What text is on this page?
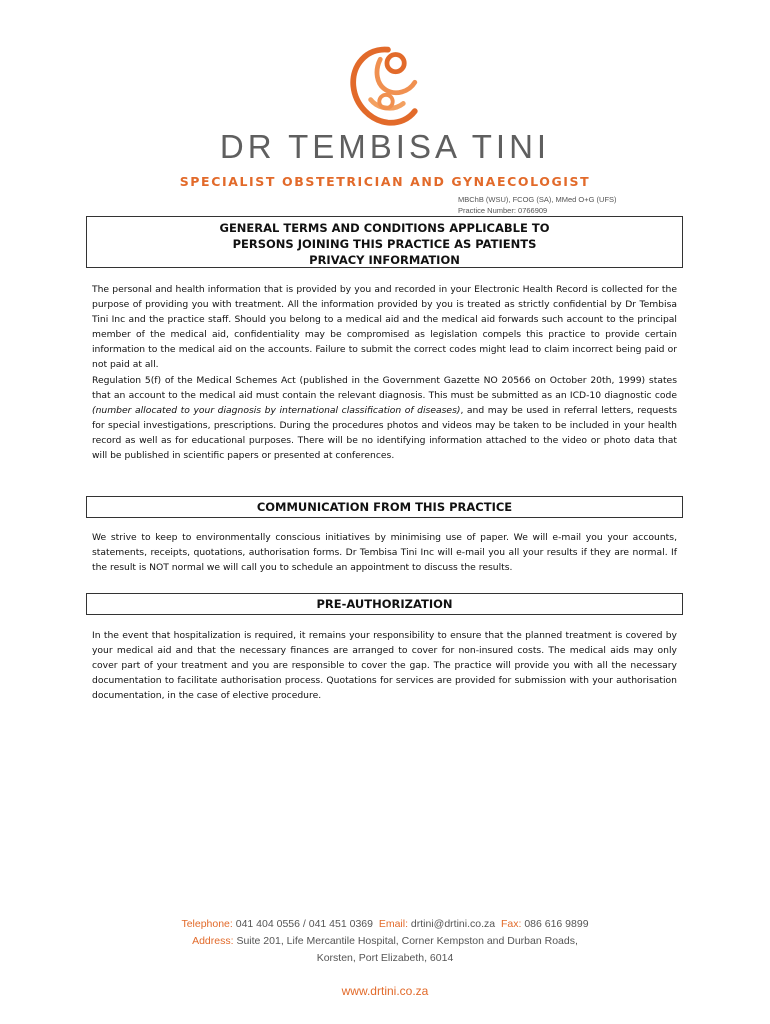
DR TEMBISA TINI
SPECIALIST OBSTETRICIAN AND GYNAECOLOGIST
MBChB (WSU), FCOG (SA), MMed O+G (UFS)
Practice Number: 0766909
GENERAL TERMS AND CONDITIONS APPLICABLE TO
PERSONS JOINING THIS PRACTICE AS PATIENTS
PRIVACY INFORMATION

The personal and health information that is provided by you and recorded in your Electronic Health Record is collected for the purpose of providing you with treatment. All the information provided by you is treated as strictly confidential by Dr Tembisa Tini Inc and the practice staff. Should you belong to a medical aid and the medical aid forwards such account to the principal member of the medical aid, confidentiality may be compromised as legislation compels this practice to provide certain information to the medical aid on the accounts. Failure to submit the correct codes might lead to claim incorrect being paid or not paid at all.
Regulation 5(f) of the Medical Schemes Act (published in the Government Gazette NO 20566 on October 20th, 1999) states that an account to the medical aid must contain the relevant diagnosis. This must be submitted as an ICD-10 diagnostic code (number allocated to your diagnosis by international classification of diseases), and may be used in referral letters, requests for special investigations, prescriptions. During the procedures photos and videos may be taken to be included in your health record as well as for educational purposes. There will be no identifying information attached to the video or photo data that will be published in scientific papers or presented at conferences.

COMMUNICATION FROM THIS PRACTICE

We strive to keep to environmentally conscious initiatives by minimising use of paper. We will e-mail you your accounts, statements, receipts, quotations, authorisation forms. Dr Tembisa Tini Inc will e-mail you all your results if they are normal. If the result is NOT normal we will call you to schedule an appointment to discuss the results.

PRE-AUTHORIZATION

In the event that hospitalization is required, it remains your responsibility to ensure that the planned treatment is covered by your medical aid and that the necessary finances are arranged to cover for non-insured costs. The medical aids may only cover part of your treatment and you are responsible to cover the gap. The practice will provide you with all the necessary documentation to facilitate authorisation process. Quotations for services are provided for submission with your authorisation documentation, in the case of elective procedure.

Telephone: 041 404 0556 / 041 451 0369 Email: drtini@drtini.co.za Fax: 086 616 9899
Address: Suite 201, Life Mercantile Hospital, Corner Kempston and Durban Roads,
Korsten, Port Elizabeth, 6014
www.drtini.co.za
